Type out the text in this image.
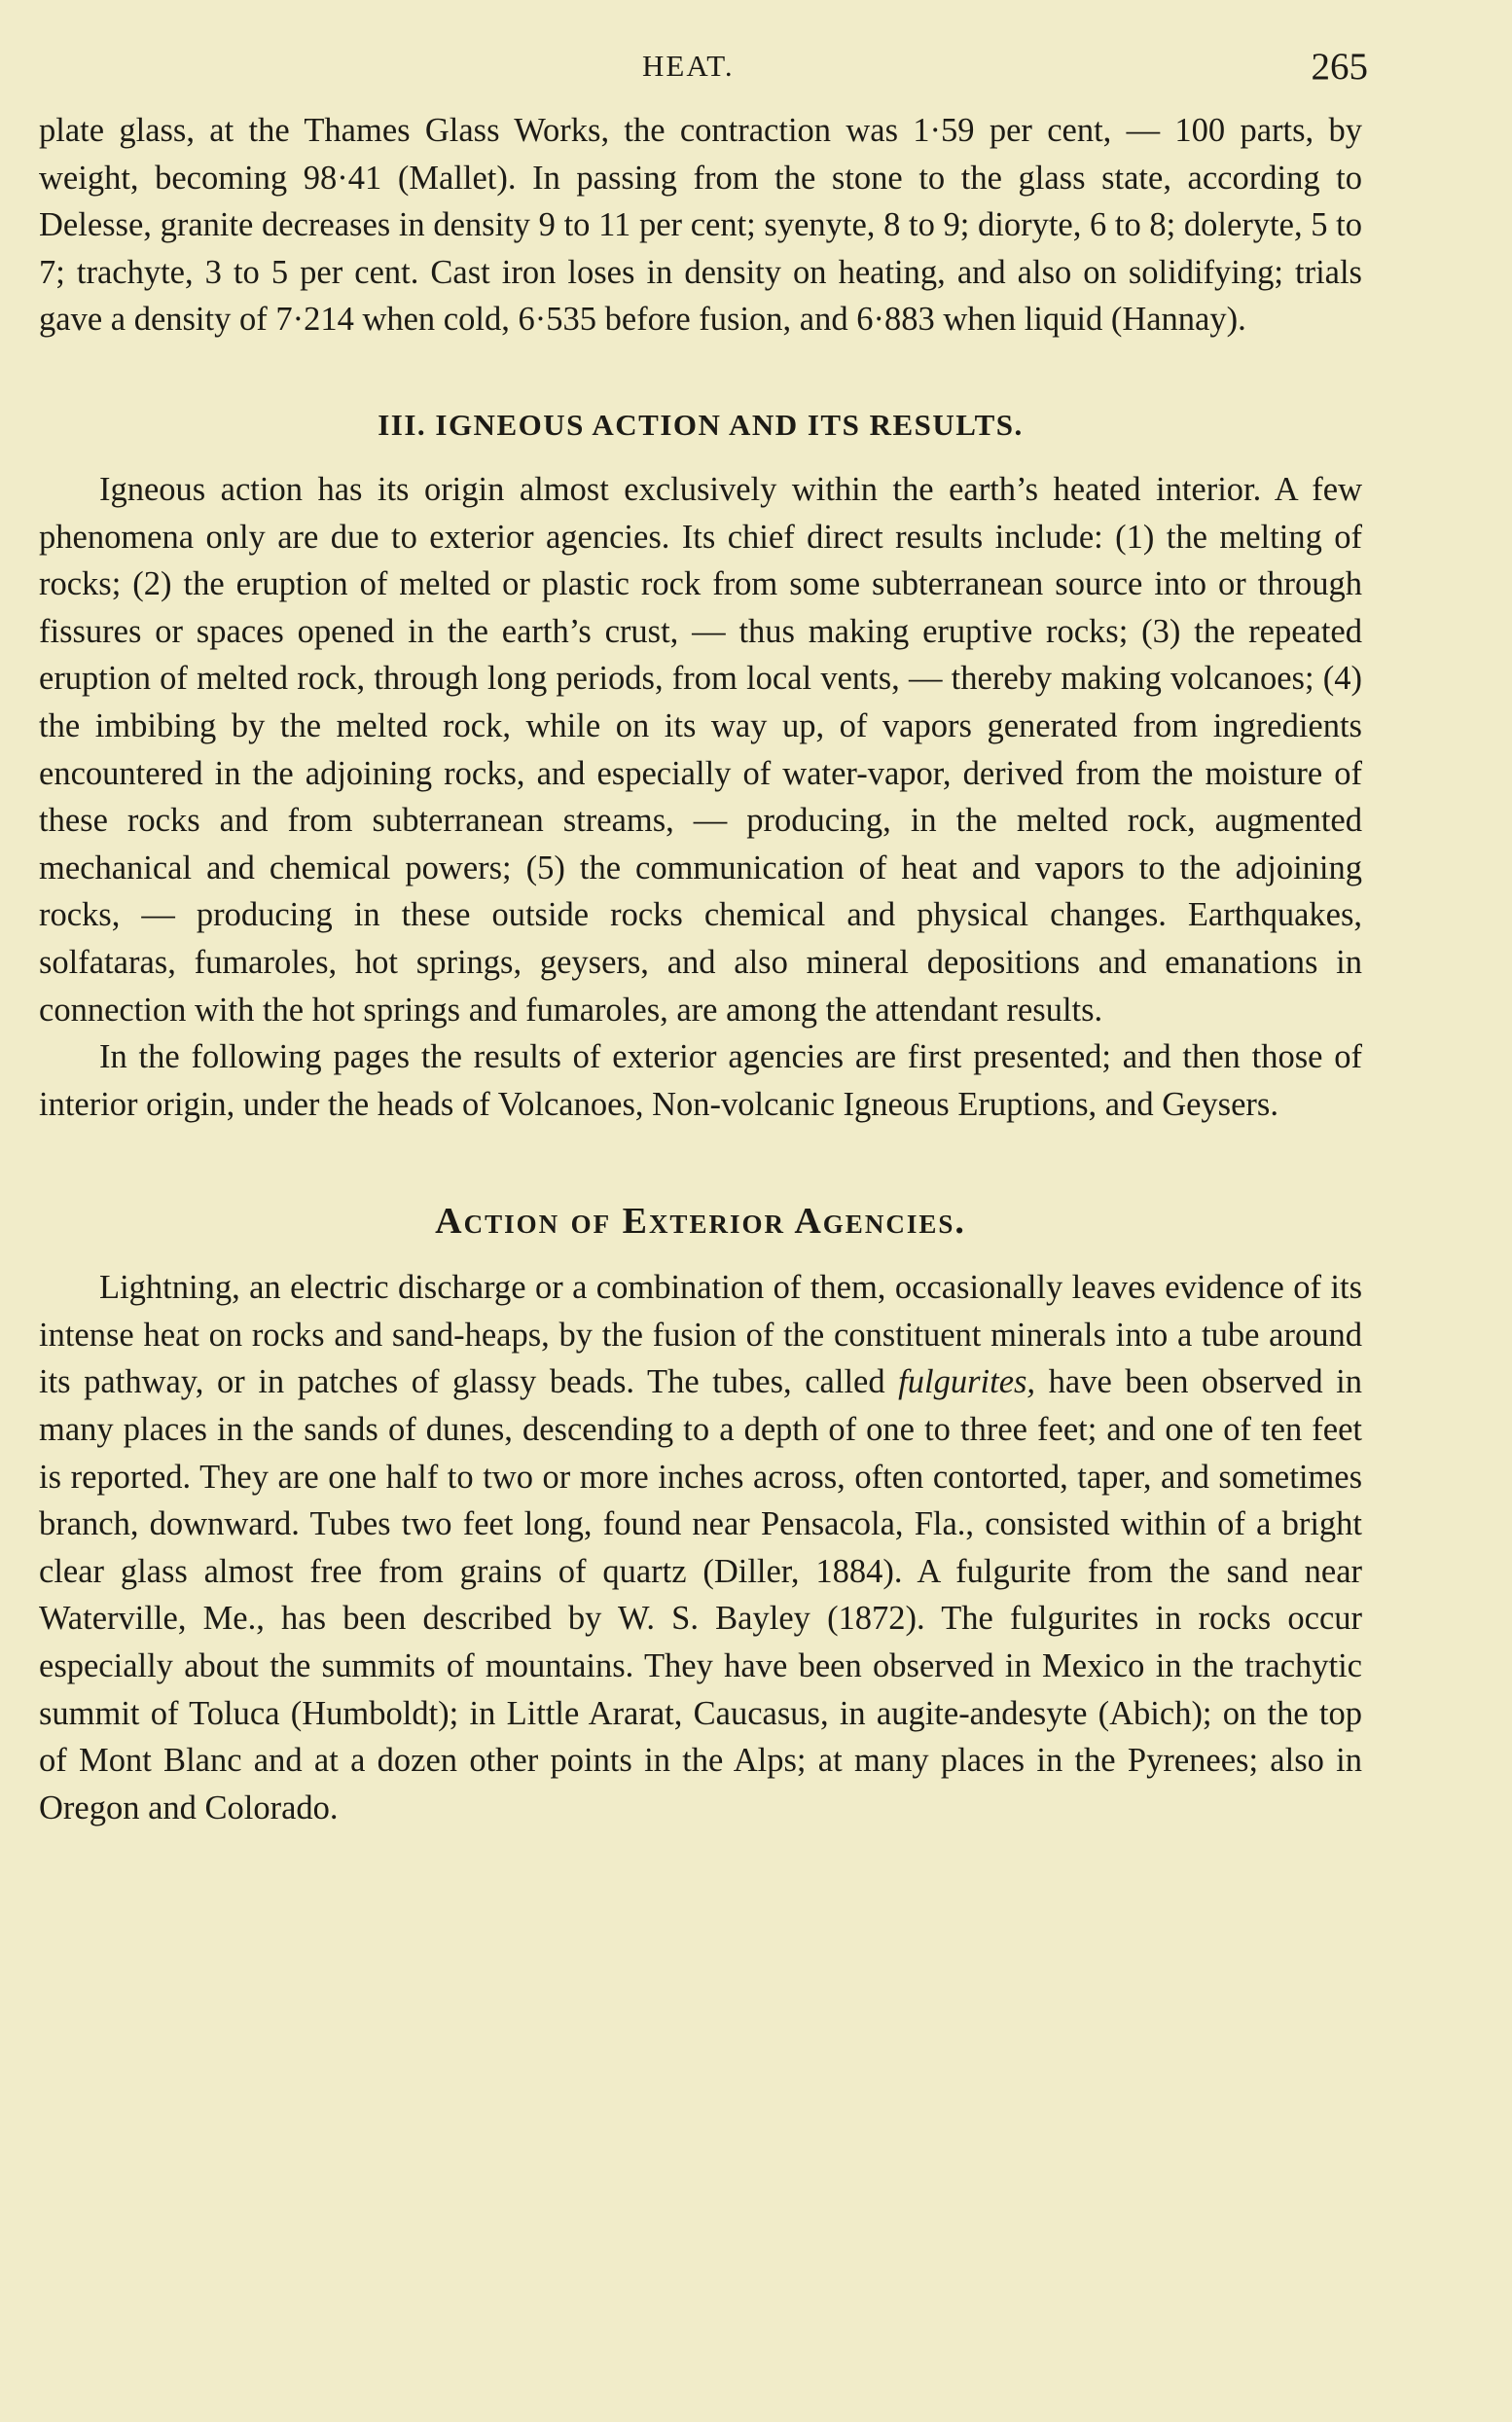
HEAT.	265

plate glass, at the Thames Glass Works, the contraction was 1·59 per cent, — 100 parts, by weight, becoming 98·41 (Mallet). In passing from the stone to the glass state, according to Delesse, granite decreases in density 9 to 11 per cent; syenyte, 8 to 9; dioryte, 6 to 8; doleryte, 5 to 7; trachyte, 3 to 5 per cent. Cast iron loses in density on heating, and also on solidifying; trials gave a density of 7·214 when cold, 6·535 before fusion, and 6·883 when liquid (Hannay).

III. IGNEOUS ACTION AND ITS RESULTS.

Igneous action has its origin almost exclusively within the earth’s heated interior. A few phenomena only are due to exterior agencies. Its chief direct results include: (1) the melting of rocks; (2) the eruption of melted or plastic rock from some subterranean source into or through fissures or spaces opened in the earth’s crust, — thus making eruptive rocks; (3) the repeated eruption of melted rock, through long periods, from local vents, — thereby making volcanoes; (4) the imbibing by the melted rock, while on its way up, of vapors generated from ingredients encountered in the adjoining rocks, and especially of water-vapor, derived from the moisture of these rocks and from subterranean streams, — producing, in the melted rock, augmented mechanical and chemical powers; (5) the communication of heat and vapors to the adjoining rocks, — producing in these outside rocks chemical and physical changes. Earthquakes, solfataras, fumaroles, hot springs, geysers, and also mineral depositions and emanations in connection with the hot springs and fumaroles, are among the attendant results.

In the following pages the results of exterior agencies are first presented; and then those of interior origin, under the heads of Volcanoes, Non-volcanic Igneous Eruptions, and Geysers.

Action of Exterior Agencies.

Lightning, an electric discharge or a combination of them, occasionally leaves evidence of its intense heat on rocks and sand-heaps, by the fusion of the constituent minerals into a tube around its pathway, or in patches of glassy beads. The tubes, called fulgurites, have been observed in many places in the sands of dunes, descending to a depth of one to three feet; and one of ten feet is reported. They are one half to two or more inches across, often contorted, taper, and sometimes branch, downward. Tubes two feet long, found near Pensacola, Fla., consisted within of a bright clear glass almost free from grains of quartz (Diller, 1884). A fulgurite from the sand near Waterville, Me., has been described by W. S. Bayley (1872). The fulgurites in rocks occur especially about the summits of mountains. They have been observed in Mexico in the trachytic summit of Toluca (Humboldt); in Little Ararat, Caucasus, in augite-andesyte (Abich); on the top of Mont Blanc and at a dozen other points in the Alps; at many places in the Pyrenees; also in Oregon and Colorado.
